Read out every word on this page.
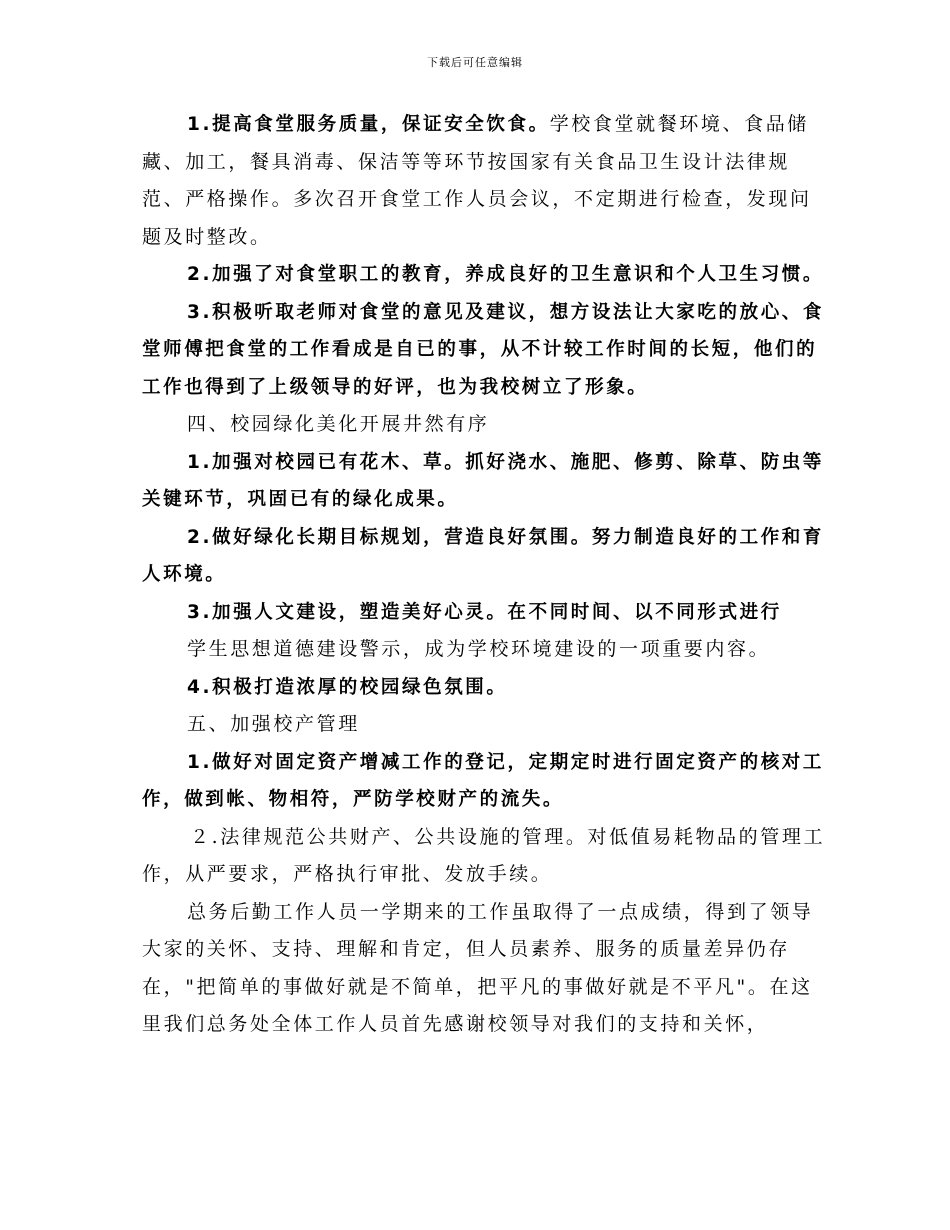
下载后可任意编辑

1.提高食堂服务质量，保证安全饮食。学校食堂就餐环境、食品储藏、加工，餐具消毒、保洁等等环节按国家有关食品卫生设计法律规范、严格操作。多次召开食堂工作人员会议，不定期进行检查，发现问题及时整改。

2.加强了对食堂职工的教育，养成良好的卫生意识和个人卫生习惯。

3.积极听取老师对食堂的意见及建议，想方设法让大家吃的放心、食堂师傅把食堂的工作看成是自已的事，从不计较工作时间的长短，他们的工作也得到了上级领导的好评，也为我校树立了形象。

四、校园绿化美化开展井然有序

1.加强对校园已有花木、草。抓好浇水、施肥、修剪、除草、防虫等关键环节，巩固已有的绿化成果。

2.做好绿化长期目标规划，营造良好氛围。努力制造良好的工作和育人环境。

3.加强人文建设，塑造美好心灵。在不同时间、以不同形式进行

学生思想道德建设警示，成为学校环境建设的一项重要内容。

4.积极打造浓厚的校园绿色氛围。

五、加强校产管理

1.做好对固定资产增减工作的登记，定期定时进行固定资产的核对工作，做到帐、物相符，严防学校财产的流失。

２.法律规范公共财产、公共设施的管理。对低值易耗物品的管理工作，从严要求，严格执行审批、发放手续。

总务后勤工作人员一学期来的工作虽取得了一点成绩，得到了领导大家的关怀、支持、理解和肯定，但人员素养、服务的质量差异仍存在，"把简单的事做好就是不简单，把平凡的事做好就是不平凡"。在这里我们总务处全体工作人员首先感谢校领导对我们的支持和关怀，
